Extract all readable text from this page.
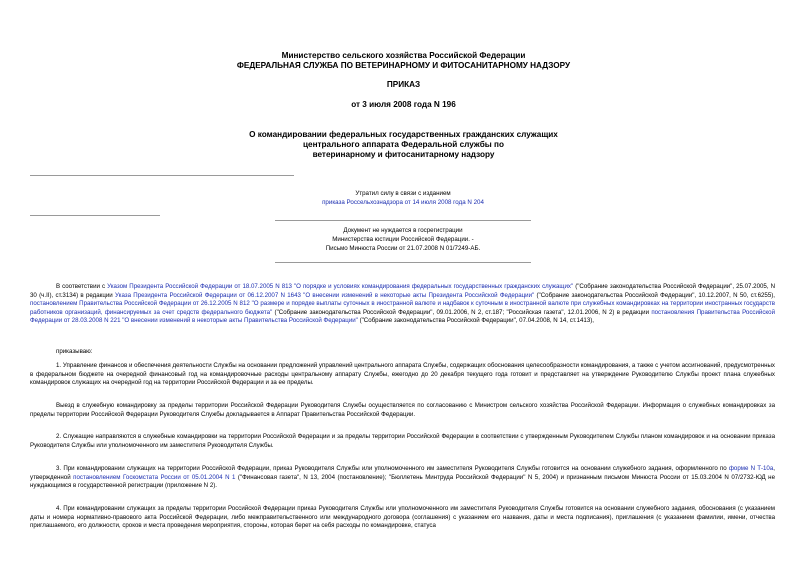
Министерство сельского хозяйства Российской Федерации
ФЕДЕРАЛЬНАЯ СЛУЖБА ПО ВЕТЕРИНАРНОМУ И ФИТОСАНИТАРНОМУ НАДЗОРУ
ПРИКАЗ
от 3 июля 2008 года N 196
О командировании федеральных государственных гражданских служащих
центрального аппарата Федеральной службы по
ветеринарному и фитосанитарному надзору
Утратил силу в связи с изданием
приказа Россельхознадзора от 14 июля 2008 года N 204
Документ не нуждается в госрегистрации
Министерства юстиции Российской Федерации. -
Письмо Минюста России от 21.07.2008 N 01/7249-АБ.
В соответствии с Указом Президента Российской Федерации от 18.07.2005 N 813 "О порядке и условиях командирования федеральных государственных гражданских служащих" ("Собрание законодательства Российской Федерации", 25.07.2005, N 30 (ч.II), ст.3134) в редакции Указа Президента Российской Федерации от 06.12.2007 N 1643 "О внесении изменений в некоторые акты Президента Российской Федерации" ("Собрание законодательства Российской Федерации", 10.12.2007, N 50, ст.6255), постановлением Правительства Российской Федерации от 26.12.2005 N 812 "О размере и порядке выплаты суточных в иностранной валюте и надбавок к суточным в иностранной валюте при служебных командировках на территории иностранных государств работников организаций, финансируемых за счет средств федерального бюджета" ("Собрание законодательства Российской Федерации", 09.01.2006, N 2, ст.187; "Российская газета", 12.01.2006, N 2) в редакции постановления Правительства Российской Федерации от 28.03.2008 N 221 "О внесении изменений в некоторые акты Правительства Российской Федерации" ("Собрание законодательства Российской Федерации", 07.04.2008, N 14, ст.1413),
приказываю:
1. Управление финансов и обеспечения деятельности Службы на основании предложений управлений центрального аппарата Службы, содержащих обоснования целесообразности командирования, а также с учетом ассигнований, предусмотренных в федеральном бюджете на очередной финансовый год на командировочные расходы центральному аппарату Службы, ежегодно до 20 декабря текущего года готовит и представляет на утверждение Руководителю Службы проект плана служебных командировок служащих на очередной год на территории Российской Федерации и за ее пределы.
Выезд в служебную командировку за пределы территории Российской Федерации Руководителя Службы осуществляется по согласованию с Министром сельского хозяйства Российской Федерации. Информация о служебных командировках за пределы территории Российской Федерации Руководителя Службы докладывается в Аппарат Правительства Российской Федерации.
2. Служащие направляются в служебные командировки на территории Российской Федерации и за пределы территории Российской Федерации в соответствии с утвержденным Руководителем Службы планом командировок и на основании приказа Руководителя Службы или уполномоченного им заместителя Руководителя Службы.
3. При командировании служащих на территории Российской Федерации, приказ Руководителя Службы или уполномоченного им заместителя Руководителя Службы готовится на основании служебного задания, оформленного по форме N Т-10а, утвержденной постановлением Госкомстата России от 05.01.2004 N 1 ("Финансовая газета", N 13, 2004 (постановление); "Бюллетень Минтруда Российской Федерации" N 5, 2004) и признанным письмом Минюста России от 15.03.2004 N 07/2732-ЮД не нуждающимся в государственной регистрации (приложение N 2).
4. При командировании служащих за пределы территории Российской Федерации приказ Руководителя Службы или уполномоченного им заместителя Руководителя Службы готовится на основании служебного задания, обоснования (с указанием даты и номера нормативно-правового акта Российской Федерации, либо межправительственного или международного договора (соглашения) с указанием его названия, даты и места подписания), приглашения (с указанием фамилии, имени, отчества приглашаемого, его должности, сроков и места проведения мероприятия, стороны, которая берет на себя расходы по командировке, статуса
